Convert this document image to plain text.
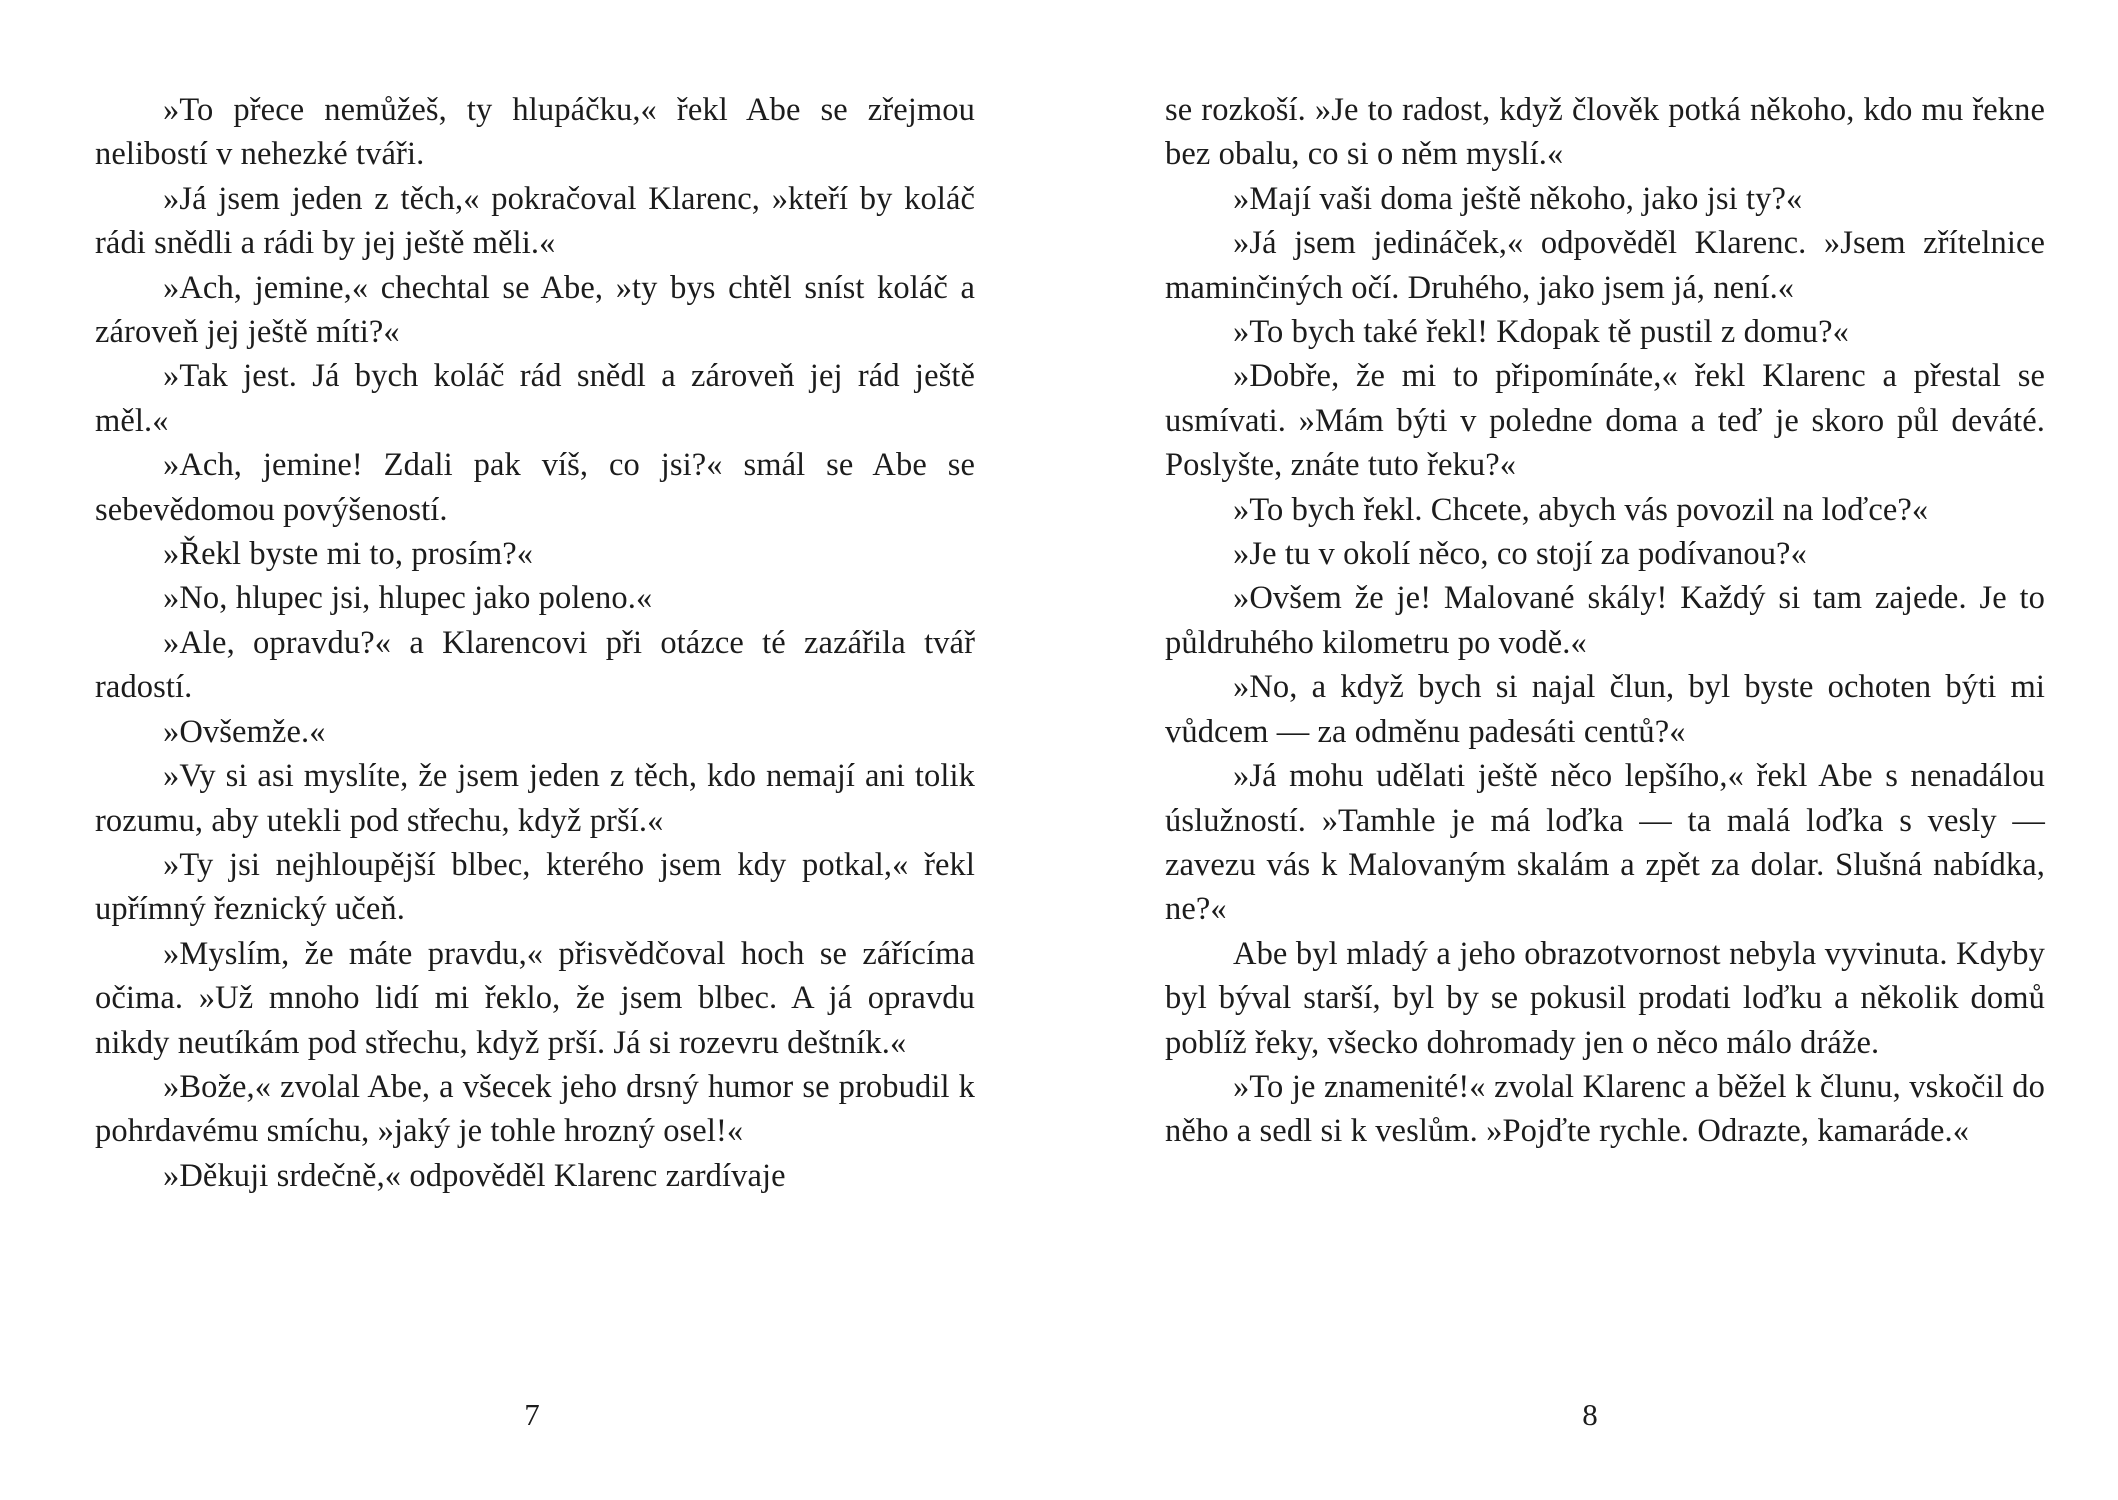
»To přece nemůžeš, ty hlupáčku,« řekl Abe se zřejmou nelibostí v nehezké tváři.

»Já jsem jeden z těch,« pokračoval Klarenc, »kteří by koláč rádi snědli a rádi by jej ještě měli.«

»Ach, jemine,« chechtal se Abe, »ty bys chtěl sníst koláč a zároveň jej ještě míti?«

»Tak jest. Já bych koláč rád snědl a zároveň jej rád ještě měl.«

»Ach, jemine! Zdali pak víš, co jsi?« smál se Abe se sebevědomou povýšeností.

»Řekl byste mi to, prosím?«

»No, hlupec jsi, hlupec jako poleno.«

»Ale, opravdu?« a Klarencovi při otázce té zazářila tvář radostí.

»Ovšemže.«

»Vy si asi myslíte, že jsem jeden z těch, kdo nemají ani tolik rozumu, aby utekli pod střechu, když prší.«

»Ty jsi nejhloupější blbec, kterého jsem kdy potkal,« řekl upřímný řeznický učeň.

»Myslím, že máte pravdu,« přisvědčoval hoch se zářícíma očima. »Už mnoho lidí mi řeklo, že jsem blbec. A já opravdu nikdy neutíkám pod střechu, když prší. Já si rozevru deštník.«

»Bože,« zvolal Abe, a všecek jeho drsný humor se probudil k pohrdavému smíchu, »jaký je tohle hrozný osel!«

»Děkuji srdečně,« odpověděl Klarenc zardívaje

se rozkoší. »Je to radost, když člověk potká někoho, kdo mu řekne bez obalu, co si o něm myslí.«

»Mají vaši doma ještě někoho, jako jsi ty?«

»Já jsem jedináček,« odpověděl Klarenc. »Jsem zřítelnice maminčiných očí. Druhého, jako jsem já, není.«

»To bych také řekl! Kdopak tě pustil z domu?«

»Dobře, že mi to připomínáte,« řekl Klarenc a přestal se usmívati. »Mám býti v poledne doma a teď je skoro půl deváté. Poslyšte, znáte tuto řeku?«

»To bych řekl. Chcete, abych vás povozil na loďce?«

»Je tu v okolí něco, co stojí za podívanou?«

»Ovšem že je! Malované skály! Každý si tam zajede. Je to půldruhého kilometru po vodě.«

»No, a když bych si najal člun, byl byste ochoten býti mi vůdcem — za odměnu padesáti centů?«

»Já mohu udělati ještě něco lepšího,« řekl Abe s nenadálou úslužností. »Tamhle je má loďka — ta malá loďka s vesly — zavezu vás k Malovaným skalám a zpět za dolar. Slušná nabídka, ne?«

Abe byl mladý a jeho obrazotvornost nebyla vyvinuta. Kdyby byl býval starší, byl by se pokusil prodati loďku a několik domů poblíž řeky, všecko dohromady jen o něco málo dráže.

»To je znamenité!« zvolal Klarenc a běžel k člunu, vskočil do něho a sedl si k veslům. »Pojďte rychle. Odrazte, kamaráde.«

7	8
